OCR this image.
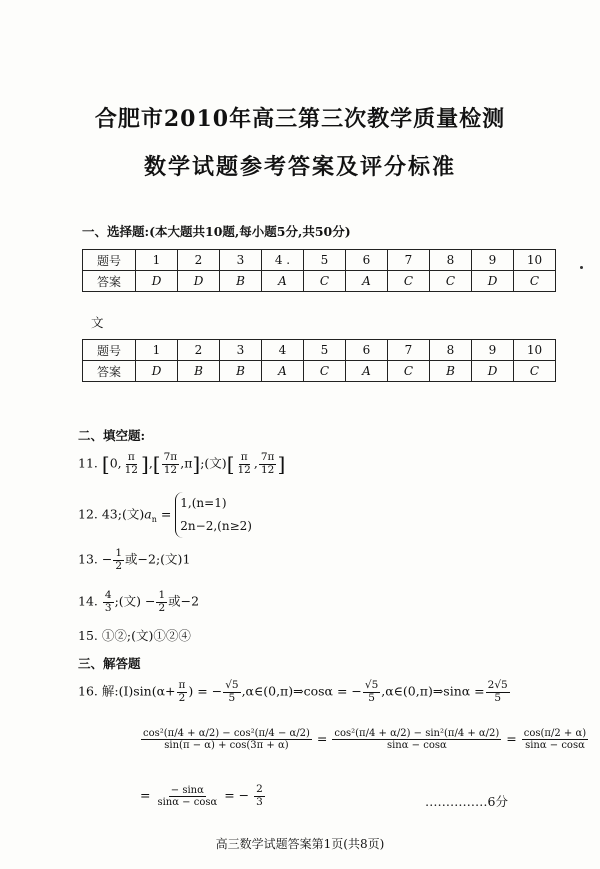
合肥市2010年高三第三次教学质量检测
数学试题参考答案及评分标准
一、选择题:(本大题共10题,每小题5分,共50分)
题号	1	2	3	4 .	5	6	7	8	9	10
答案	D	D	B	A	C	A	C	C	D	C
文
题号	1	2	3	4	5	6	7	8	9	10
答案	D	B	B	A	C	A	C	B	D	C
二、填空题:
11. [0, $\frac{\pi}{12}$ ],[ $\frac{7\pi}{12}$ ,π];(文)[ $\frac{\pi}{12}$ , $\frac{7\pi}{12}$ ]
12. 43;(文)$a_n$ =
1,(n=1)
2n−2,(n≥2)
13. − $\frac{1}{2}$ 或−2;(文)1
14. $\frac{4}{3}$ ;(文) − $\frac{1}{2}$ 或−2
15. ①②;(文)①②④
三、解答题
16. 解:(Ⅰ)sin(α+ $\frac{\pi}{2}$ ) = − $\frac{√5}{5}$ ,α∈(0,π)⇒cosα = − $\frac{√5}{5}$ ,α∈(0,π)⇒sinα = $\frac{2√5}{5}$
$\frac{\text{cos²(π/4 + α/2) − cos²(π/4 − α/2)}}{\sin(\pi - \alpha) + \cos(3\pi + \alpha)} = \frac{\text{cos²(π/4 + α/2) − sin²(π/4 + α/2)}}{\sin\alpha - \cos\alpha} = \frac{\cos(\pi/2 + \alpha)}{\sin\alpha - \cos\alpha}$
= $\frac{- \sin\alpha}{\sin\alpha - \cos\alpha}$ = − $\frac{2}{3}$	……………6分
高三数学试题答案第1页(共8页)
